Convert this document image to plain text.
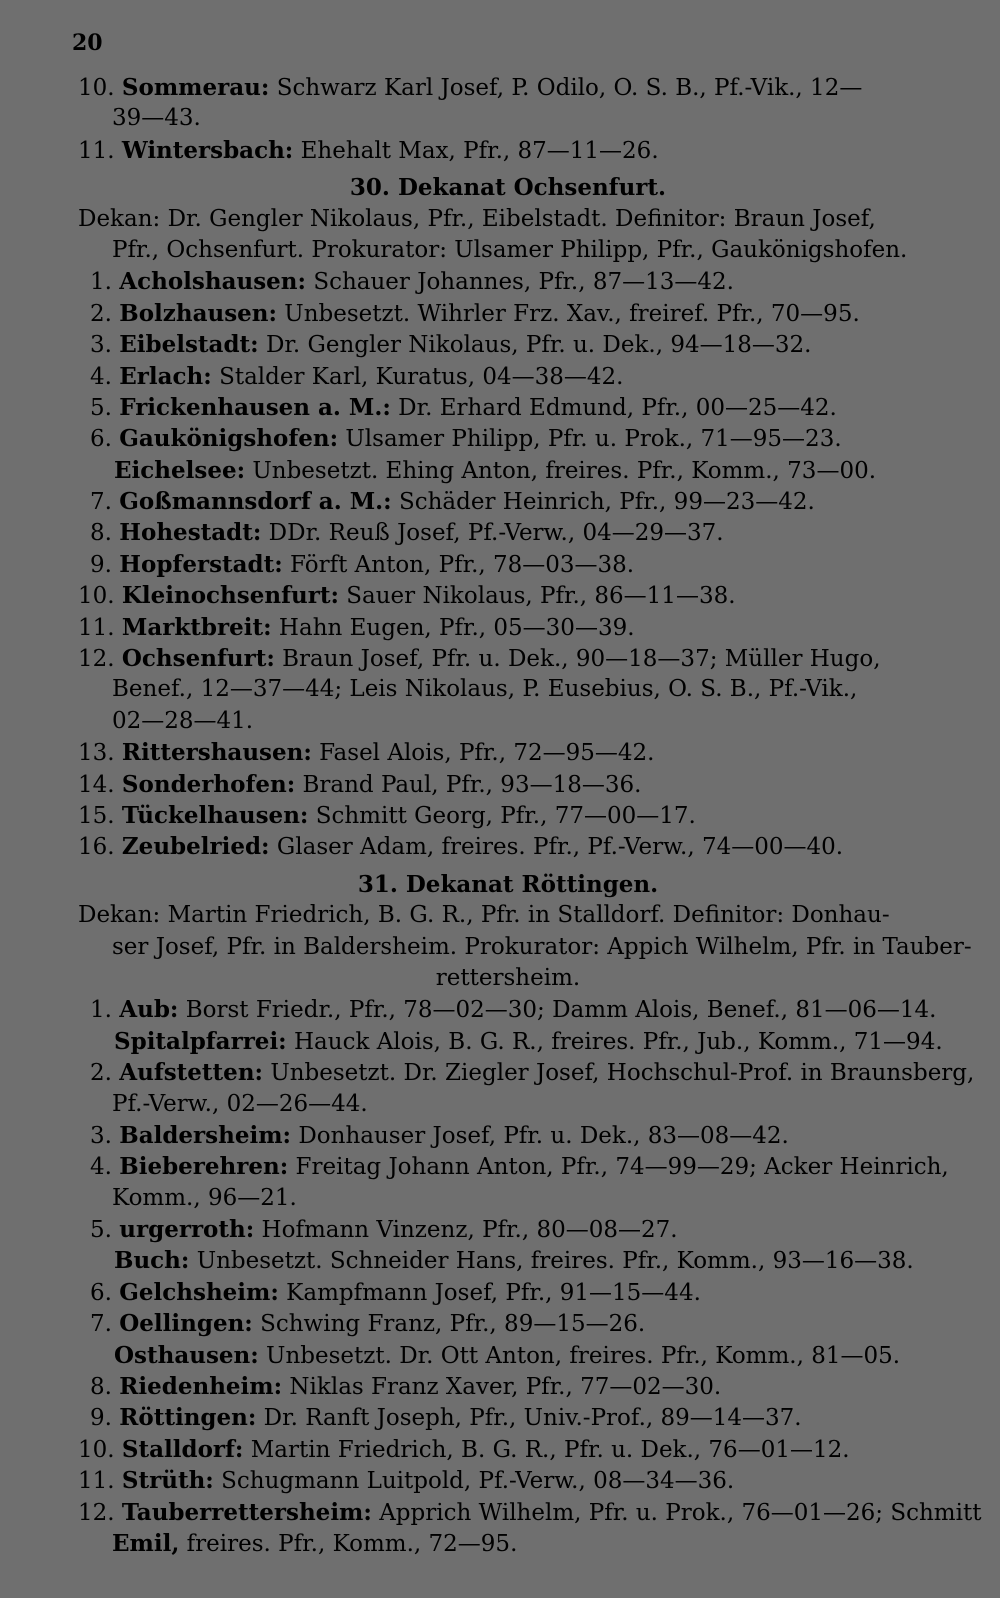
20
10. Sommerau: Schwarz Karl Josef, P. Odilo, O. S. B., Pf.-Vik., 12—
39—43.
11. Wintersbach: Ehehalt Max, Pfr., 87—11—26.
30. Dekanat Ochsenfurt.
Dekan: Dr. Gengler Nikolaus, Pfr., Eibelstadt. Definitor: Braun Josef,
Pfr., Ochsenfurt. Prokurator: Ulsamer Philipp, Pfr., Gaukönigshofen.
1. Acholshausen: Schauer Johannes, Pfr., 87—13—42.
2. Bolzhausen: Unbesetzt. Wihrler Frz. Xav., freiref. Pfr., 70—95.
3. Eibelstadt: Dr. Gengler Nikolaus, Pfr. u. Dek., 94—18—32.
4. Erlach: Stalder Karl, Kuratus, 04—38—42.
5. Frickenhausen a. M.: Dr. Erhard Edmund, Pfr., 00—25—42.
6. Gaukönigshofen: Ulsamer Philipp, Pfr. u. Prok., 71—95—23.
Eichelsee: Unbesetzt. Ehing Anton, freires. Pfr., Komm., 73—00.
7. Goßmannsdorf a. M.: Schäder Heinrich, Pfr., 99—23—42.
8. Hohestadt: DDr. Reuß Josef, Pf.-Verw., 04—29—37.
9. Hopferstadt: Förft Anton, Pfr., 78—03—38.
10. Kleinochsenfurt: Sauer Nikolaus, Pfr., 86—11—38.
11. Marktbreit: Hahn Eugen, Pfr., 05—30—39.
12. Ochsenfurt: Braun Josef, Pfr. u. Dek., 90—18—37; Müller Hugo,
Benef., 12—37—44; Leis Nikolaus, P. Eusebius, O. S. B., Pf.-Vik.,
02—28—41.
13. Rittershausen: Fasel Alois, Pfr., 72—95—42.
14. Sonderhofen: Brand Paul, Pfr., 93—18—36.
15. Tückelhausen: Schmitt Georg, Pfr., 77—00—17.
16. Zeubelried: Glaser Adam, freires. Pfr., Pf.-Verw., 74—00—40.
31. Dekanat Röttingen.
Dekan: Martin Friedrich, B. G. R., Pfr. in Stalldorf. Definitor: Donhau-
ser Josef, Pfr. in Baldersheim. Prokurator: Appich Wilhelm, Pfr. in Tauber-
rettersheim.
1. Aub: Borst Friedr., Pfr., 78—02—30; Damm Alois, Benef., 81—06—14.
Spitalpfarrei: Hauck Alois, B. G. R., freires. Pfr., Jub., Komm., 71—94.
2. Aufstetten: Unbesetzt. Dr. Ziegler Josef, Hochschul-Prof. in Braunsberg,
Pf.-Verw., 02—26—44.
3. Baldersheim: Donhauser Josef, Pfr. u. Dek., 83—08—42.
4. Bieberehren: Freitag Johann Anton, Pfr., 74—99—29; Acker Heinrich,
Komm., 96—21.
5. urgerroth: Hofmann Vinzenz, Pfr., 80—08—27.
Buch: Unbesetzt. Schneider Hans, freires. Pfr., Komm., 93—16—38.
6. Gelchsheim: Kampfmann Josef, Pfr., 91—15—44.
7. Oellingen: Schwing Franz, Pfr., 89—15—26.
Osthausen: Unbesetzt. Dr. Ott Anton, freires. Pfr., Komm., 81—05.
8. Riedenheim: Niklas Franz Xaver, Pfr., 77—02—30.
9. Röttingen: Dr. Ranft Joseph, Pfr., Univ.-Prof., 89—14—37.
10. Stalldorf: Martin Friedrich, B. G. R., Pfr. u. Dek., 76—01—12.
11. Strüth: Schugmann Luitpold, Pf.-Verw., 08—34—36.
12. Tauberrettersheim: Apprich Wilhelm, Pfr. u. Prok., 76—01—26; Schmitt
Emil, freires. Pfr., Komm., 72—95.
